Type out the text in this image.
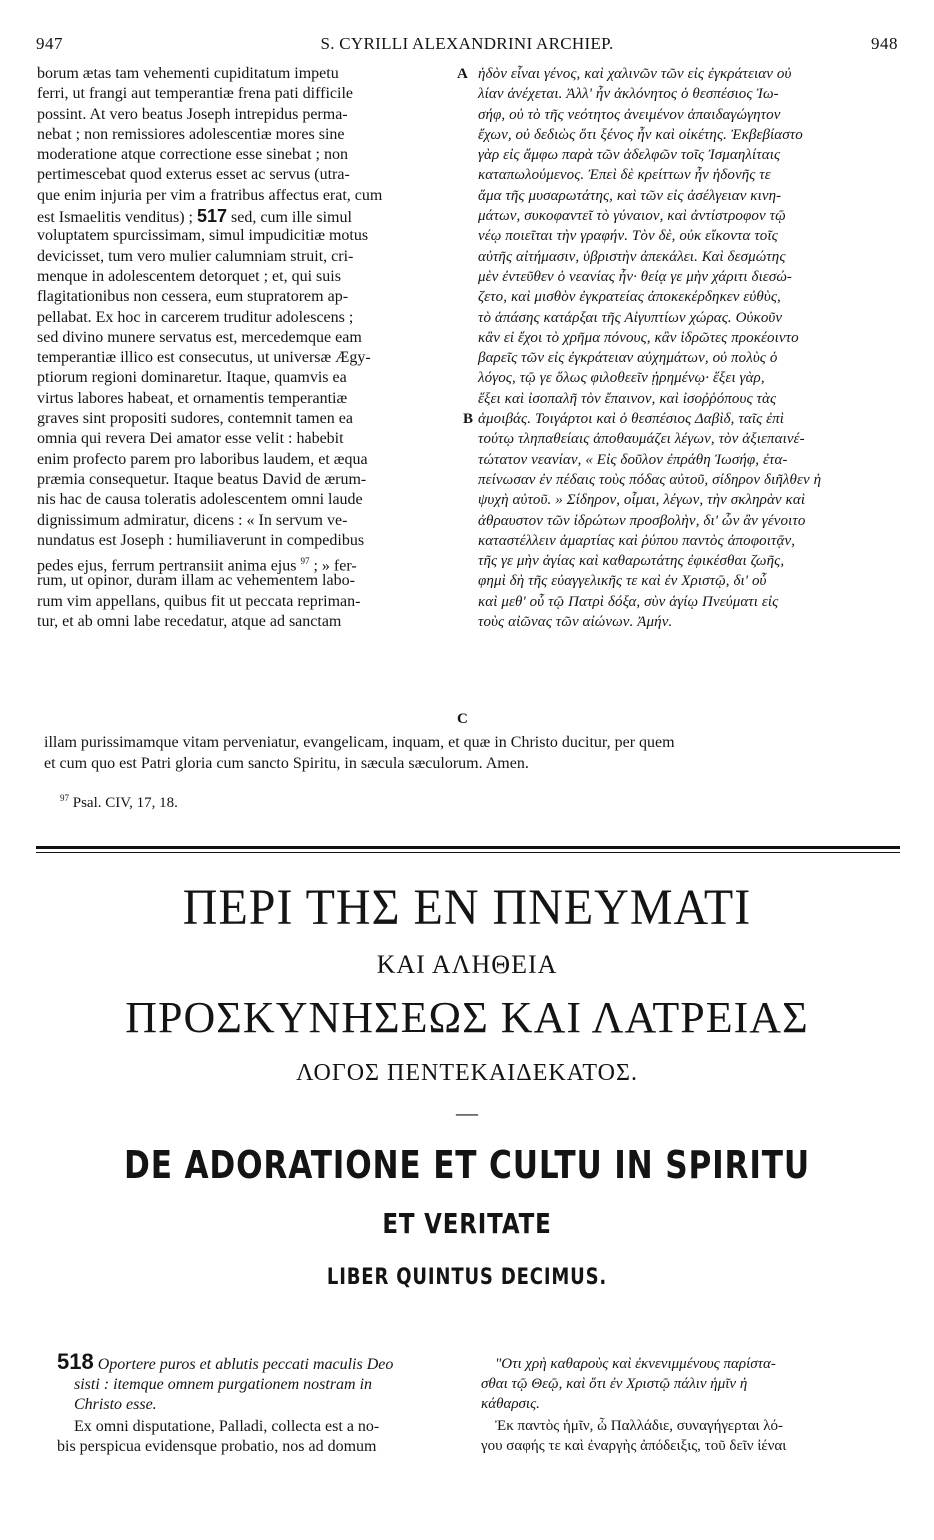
947	S. CYRILLI ALEXANDRINI ARCHIEP.	948
borum ætas tam vehementi cupiditatum impetu
ferri, ut frangi aut temperantiæ frena pati difficile
possint. At vero beatus Joseph intrepidus perma-
nebat ; non remissiores adolescentiæ mores sine
moderatione atque correctione esse sinebat ; non
pertimescebat quod exterus esset ac servus (utra-
que enim injuria per vim a fratribus affectus erat, cum
est Ismaelitis venditus) ; 517 sed, cum ille simul
voluptatem spurcissimam, simul impudicitiæ motus
devicisset, tum vero mulier calumniam struit, cri-
menque in adolescentem detorquet ; et, qui suis
flagitationibus non cessera, eum stupratorem ap-
pellabat. Ex hoc in carcerem truditur adolescens ;
sed divino munere servatus est, mercedemque eam
temperantiæ illico est consecutus, ut universæ Ægy-
ptiorum regioni dominaretur. Itaque, quamvis ea
virtus labores habeat, et ornamentis temperantiæ
graves sint propositi sudores, contemnit tamen ea
omnia qui revera Dei amator esse velit : habebit
enim profecto parem pro laboribus laudem, et æqua
præmia consequetur. Itaque beatus David de ærum-
nis hac de causa toleratis adolescentem omni laude
dignissimum admiratur, dicens : « In servum ve-
nundatus est Joseph : humiliaverunt in compedibus
pedes ejus, ferrum pertransiit anima ejus $^{97}$ ; » fer-
rum, ut opinor, duram illam ac vehementem labo-
rum vim appellans, quibus fit ut peccata repriman-
tur, et ab omni labe recedatur, atque ad sanctam
A
B
C
ἡδὸν εἶναι γένος, καὶ χαλινῶν τῶν εἰς ἐγκράτειαν οὐ
λίαν ἀνέχεται. Ἀλλ' ἦν ἀκλόνητος ὁ θεσπέσιος Ἰω-
σήφ, οὐ τὸ τῆς νεότητος ἀνειμένον ἀπαιδαγώγητον
ἔχων, οὐ δεδιὼς ὅτι ξένος ἦν καὶ οἰκέτης. Ἐκβεβίαστο
γὰρ εἰς ἄμφω παρὰ τῶν ἀδελφῶν τοῖς Ἰσμαηλίταις
καταπωλούμενος. Ἐπεὶ δὲ κρείττων ἦν ἡδονῆς τε
ἅμα τῆς μυσαρωτάτης, καὶ τῶν εἰς ἀσέλγειαν κινη-
μάτων, συκοφαντεῖ τὸ γύναιον, καὶ ἀντίστροφον τῷ
νέῳ ποιεῖται τὴν γραφήν. Τὸν δὲ, οὐκ εἴκοντα τοῖς
αὐτῆς αἰτήμασιν, ὑβριστὴν ἀπεκάλει. Καὶ δεσμώτης
μὲν ἐντεῦθεν ὁ νεανίας ἦν· θείᾳ γε μὴν χάριτι διεσώ-
ζετο, καὶ μισθὸν ἐγκρατείας ἀποκεκέρδηκεν εὐθὺς,
τὸ ἁπάσης κατάρξαι τῆς Αἰγυπτίων χώρας. Οὐκοῦν
κἂν εἰ ἔχοι τὸ χρῆμα πόνους, κἂν ἱδρῶτες προκέοιντο
βαρεῖς τῶν εἰς ἐγκράτειαν αὐχημάτων, οὐ πολὺς ὁ
λόγος, τῷ γε ὅλως φιλοθεεῖν ᾑρημένῳ· ἕξει γὰρ,
ἕξει καὶ ἰσοπαλῆ τὸν ἔπαινον, καὶ ἰσοῤῥόπους τὰς
ἀμοιβάς. Τοιγάρτοι καὶ ὁ θεσπέσιος Δαβὶδ, ταῖς ἐπὶ
τούτῳ τληπαθείαις ἀποθαυμάζει λέγων, τὸν ἀξιεπαινέ-
τώτατον νεανίαν, « Εἰς δοῦλον ἐπράθη Ἰωσήφ, ἐτα-
πείνωσαν ἐν πέδαις τοὺς πόδας αὐτοῦ, σίδηρον διῆλθεν ἡ
ψυχὴ αὐτοῦ. » Σίδηρον, οἶμαι, λέγων, τὴν σκληρὰν καὶ
ἀθραυστον τῶν ἱδρώτων προσβολὴν, δι' ὧν ἂν γένοιτο
καταστέλλειν ἁμαρτίας καὶ ῥύπου παντὸς ἀποφοιτᾷν,
τῆς γε μὴν ἁγίας καὶ καθαρωτάτης ἐφικέσθαι ζωῆς,
φημὶ δὴ τῆς εὐαγγελικῆς τε καὶ ἐν Χριστῷ, δι' οὗ
καὶ μεθ' οὗ τῷ Πατρὶ δόξα, σὺν ἁγίῳ Πνεύματι εἰς
τοὺς αἰῶνας τῶν αἰώνων. Ἀμήν.
illam purissimamque vitam perveniatur, evangelicam, inquam, et quæ in Christo ducitur, per quem
et cum quo est Patri gloria cum sancto Spiritu, in sæcula sæculorum. Amen.
$^{97}$ Psal. CIV, 17, 18.
ΠΕΡΙ ΤΗΣ ΕΝ ΠΝΕΥΜΑΤΙ
ΚΑΙ ΑΛΗΘΕΙΑ
ΠΡΟΣΚΥΝΗΣΕΩΣ ΚΑΙ ΛΑΤΡΕΙΑΣ
ΛΟΓΟΣ ΠΕΝΤΕΚΑΙΔΕΚΑΤΟΣ.
—
DE ADORATIONE ET CULTU IN SPIRITU
ET VERITATE
LIBER QUINTUS DECIMUS.
518 Oportere puros et ablutis peccati maculis Deo
sisti : itemque omnem purgationem nostram in
Christo esse.
Ex omni disputatione, Palladi, collecta est a no-
bis perspicua evidensque probatio, nos ad domum
"Οτι χρὴ καθαροὺς καὶ ἐκνενιμμένους παρίστα-
σθαι τῷ Θεῷ, καὶ ὅτι ἐν Χριστῷ πάλιν ἡμῖν ἡ
κάθαρσις.
Ἐκ παντὸς ἡμῖν, ὦ Παλλάδιε, συναγήγερται λό-
γου σαφής τε καὶ ἐναργὴς ἀπόδειξις, τοῦ δεῖν ἰέναι
